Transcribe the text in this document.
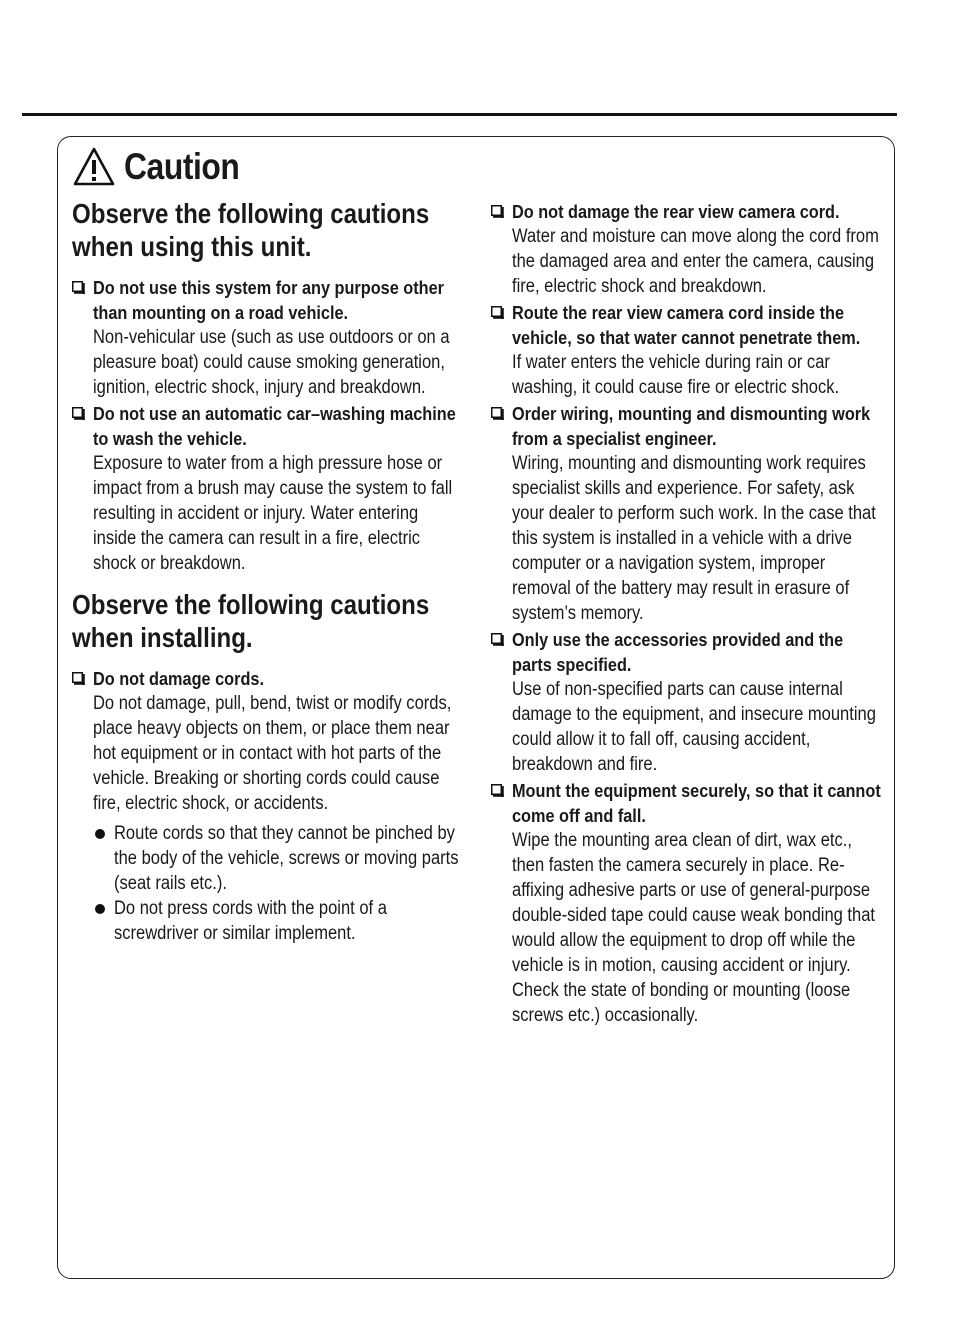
Caution
Observe the following cautions when using this unit.
Do not use this system for any purpose other than mounting on a road vehicle.
Non-vehicular use (such as use outdoors or on a pleasure boat) could cause smoking generation, ignition, electric shock, injury and breakdown.
Do not use an automatic car–washing machine to wash the vehicle.
Exposure to water from a high pressure hose or impact from a brush may cause the system to fall resulting in accident or injury. Water entering inside the camera can result in a fire, electric shock or breakdown.
Observe the following cautions when installing.
Do not damage cords.
Do not damage, pull, bend, twist or modify cords, place heavy objects on them, or place them near hot equipment or in contact with hot parts of the vehicle. Breaking or shorting cords could cause fire, electric shock, or accidents.
Route cords so that they cannot be pinched by the body of the vehicle, screws or moving parts (seat rails etc.).
Do not press cords with the point of a screwdriver or similar implement.
Do not damage the rear view camera cord.
Water and moisture can move along the cord from the damaged area and enter the camera, causing fire, electric shock and breakdown.
Route the rear view camera cord inside the vehicle, so that water cannot penetrate them.
If water enters the vehicle during rain or car washing, it could cause fire or electric shock.
Order wiring, mounting and dismounting work from a specialist engineer.
Wiring, mounting and dismounting work requires specialist skills and experience. For safety, ask your dealer to perform such work. In the case that this system is installed in a vehicle with a drive computer or a navigation system, improper removal of the battery may result in erasure of system’s memory.
Only use the accessories provided and the parts specified.
Use of non-specified parts can cause internal damage to the equipment, and insecure mounting could allow it to fall off, causing accident, breakdown and fire.
Mount the equipment securely, so that it cannot come off and fall.
Wipe the mounting area clean of dirt, wax etc., then fasten the camera securely in place. Re-affixing adhesive parts or use of general-purpose double-sided tape could cause weak bonding that would allow the equipment to drop off while the vehicle is in motion, causing accident or injury. Check the state of bonding or mounting (loose screws etc.) occasionally.
